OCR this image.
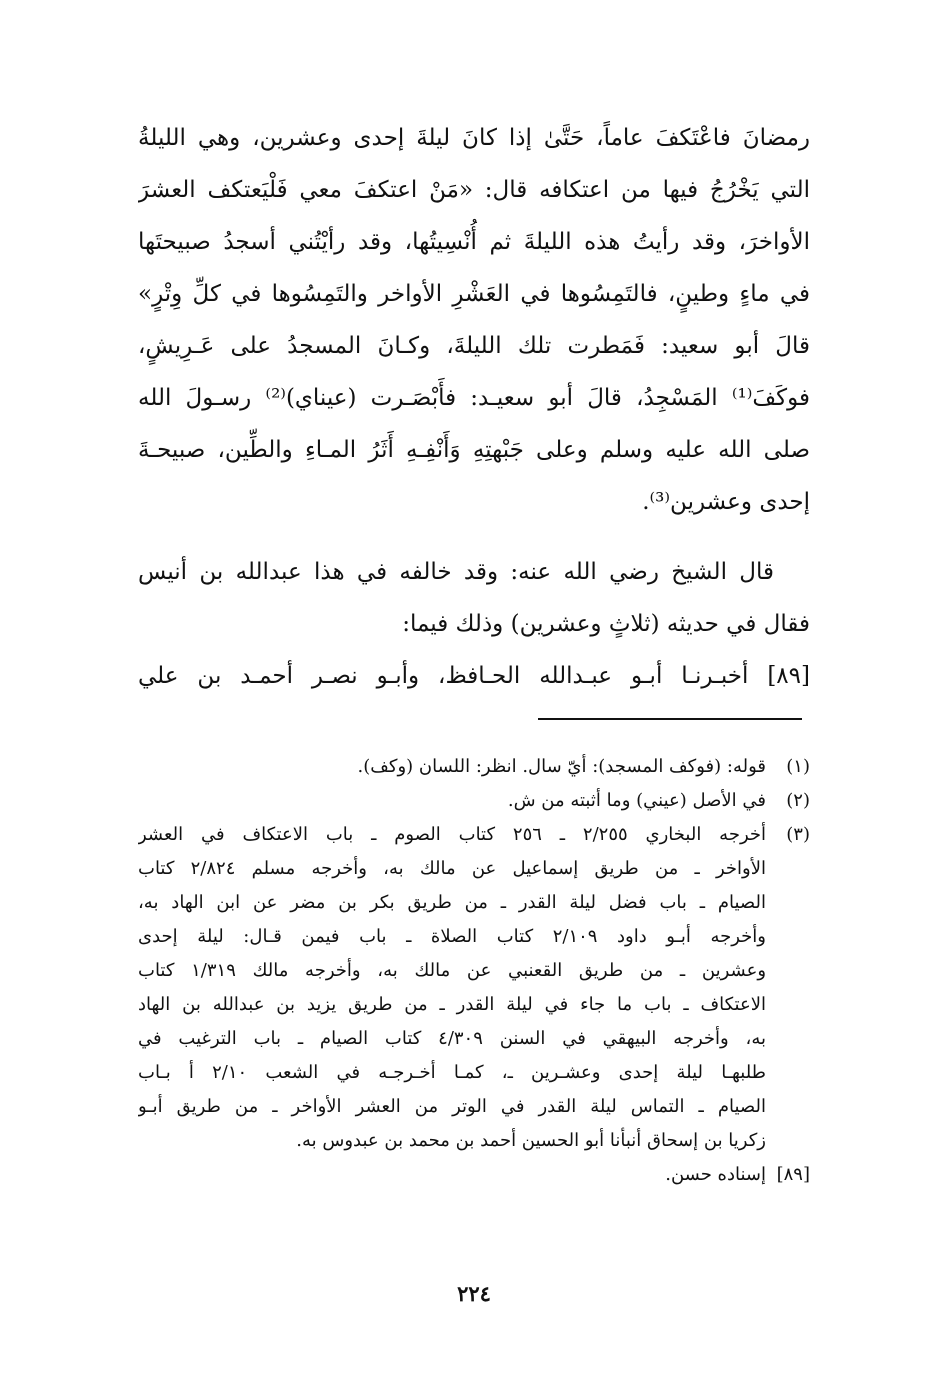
رمضانَ فاعْتَكفَ عاماً، حَتَّىٰ إذا كانَ ليلةَ إحدى وعشرين، وهي الليلةُ
التي يَخْرُجُ فيها من اعتكافه قال: «مَنْ اعتكفَ معي فَلْيَعتكف العشرَ
الأواخرَ، وقد رأيتُ هذه الليلةَ ثم أُنْسِيتُها، وقد رأيْتُني أسجدُ صبيحتَها
في ماءٍ وطينٍ، فالتَمِسُوها في العَشْرِ الأواخر والتَمِسُوها في كلِّ وِتْرٍ»
قالَ أبو سعيد: فَمَطرت تلك الليلةَ، وكـانَ المسجدُ على عَـرِيشٍ،
فوكَفَ⁽¹⁾ المَسْجِدُ، قالَ أبو سعيـد: فأَبْصَـرت (عيناي)⁽²⁾ رسـولَ الله
صلى الله عليه وسلم وعلى جَبْهتِهِ وَأَنْفِـهِ أَثَرُ المـاءِ والطِّين، صبيحـةَ
إحدى وعشرين⁽³⁾.
قال الشيخ رضي الله عنه: وقد خالفه في هذا عبدالله بن أنيس
فقال في حديثه (ثلاثٍ وعشرين) وذلك فيما:
[٨٩] أخبـرنـا أبـو عبـدالله الحـافظ، وأبـو نصـر أحمـد بن علي
(١)
قوله: (فوكف المسجد): أيّ سال. انظر: اللسان (وكف).
(٢)
في الأصل (عيني) وما أثبته من ش.
(٣)
أخرجه البخاري ٢/٢٥٥ ـ ٢٥٦ كتاب الصوم ـ باب الاعتكاف في العشر
الأواخر ـ من طريق إسماعيل عن مالك به، وأخرجه مسلم ٢/٨٢٤ كتاب
الصيام ـ باب فضل ليلة القدر ـ من طريق بكر بن مضر عن ابن الهاد به،
وأخرجه أبـو داود ٢/١٠٩ كتاب الصلاة ـ باب فيمن قـال: ليلة إحدى
وعشرين ـ من طريق القعنبي عن مالك به، وأخرجه مالك ١/٣١٩ كتاب
الاعتكاف ـ باب ما جاء في ليلة القدر ـ من طريق يزيد بن عبدالله بن الهاد
به، وأخرجه البيهقي في السنن ٤/٣٠٩ كتاب الصيام ـ باب الترغيب في
طلبهـا ليلة إحدى وعشـرين ـ، كمـا أخـرجـه في الشعب ٢/١٠ أ بـاب
الصيام ـ التماس ليلة القدر في الوتر من العشر الأواخر ـ من طريق أبـو
زكريا بن إسحاق أنبأنا أبو الحسين أحمد بن محمد بن عبدوس به.
[٨٩]
إسناده حسن.
٢٢٤
